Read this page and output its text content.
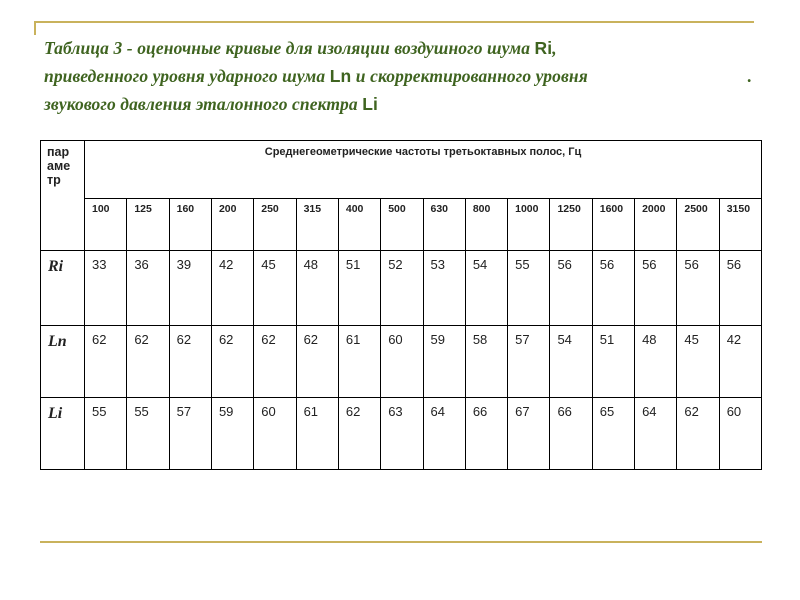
Таблица 3 - оценочные кривые для изоляции воздушного шума Ri,
приведенного уровня ударного шума Ln и скорректированного уровня
звукового давления эталонного спектра Li
.
пар
аме
тр	Среднегеометрические частоты третьоктавных полос, Гц															
	100	125	160	200	250	315	400	500	630	800	1000	1250	1600	2000	2500	3150
Ri	33	36	39	42	45	48	51	52	53	54	55	56	56	56	56	56
Ln	62	62	62	62	62	62	61	60	59	58	57	54	51	48	45	42
Li	55	55	57	59	60	61	62	63	64	66	67	66	65	64	62	60
